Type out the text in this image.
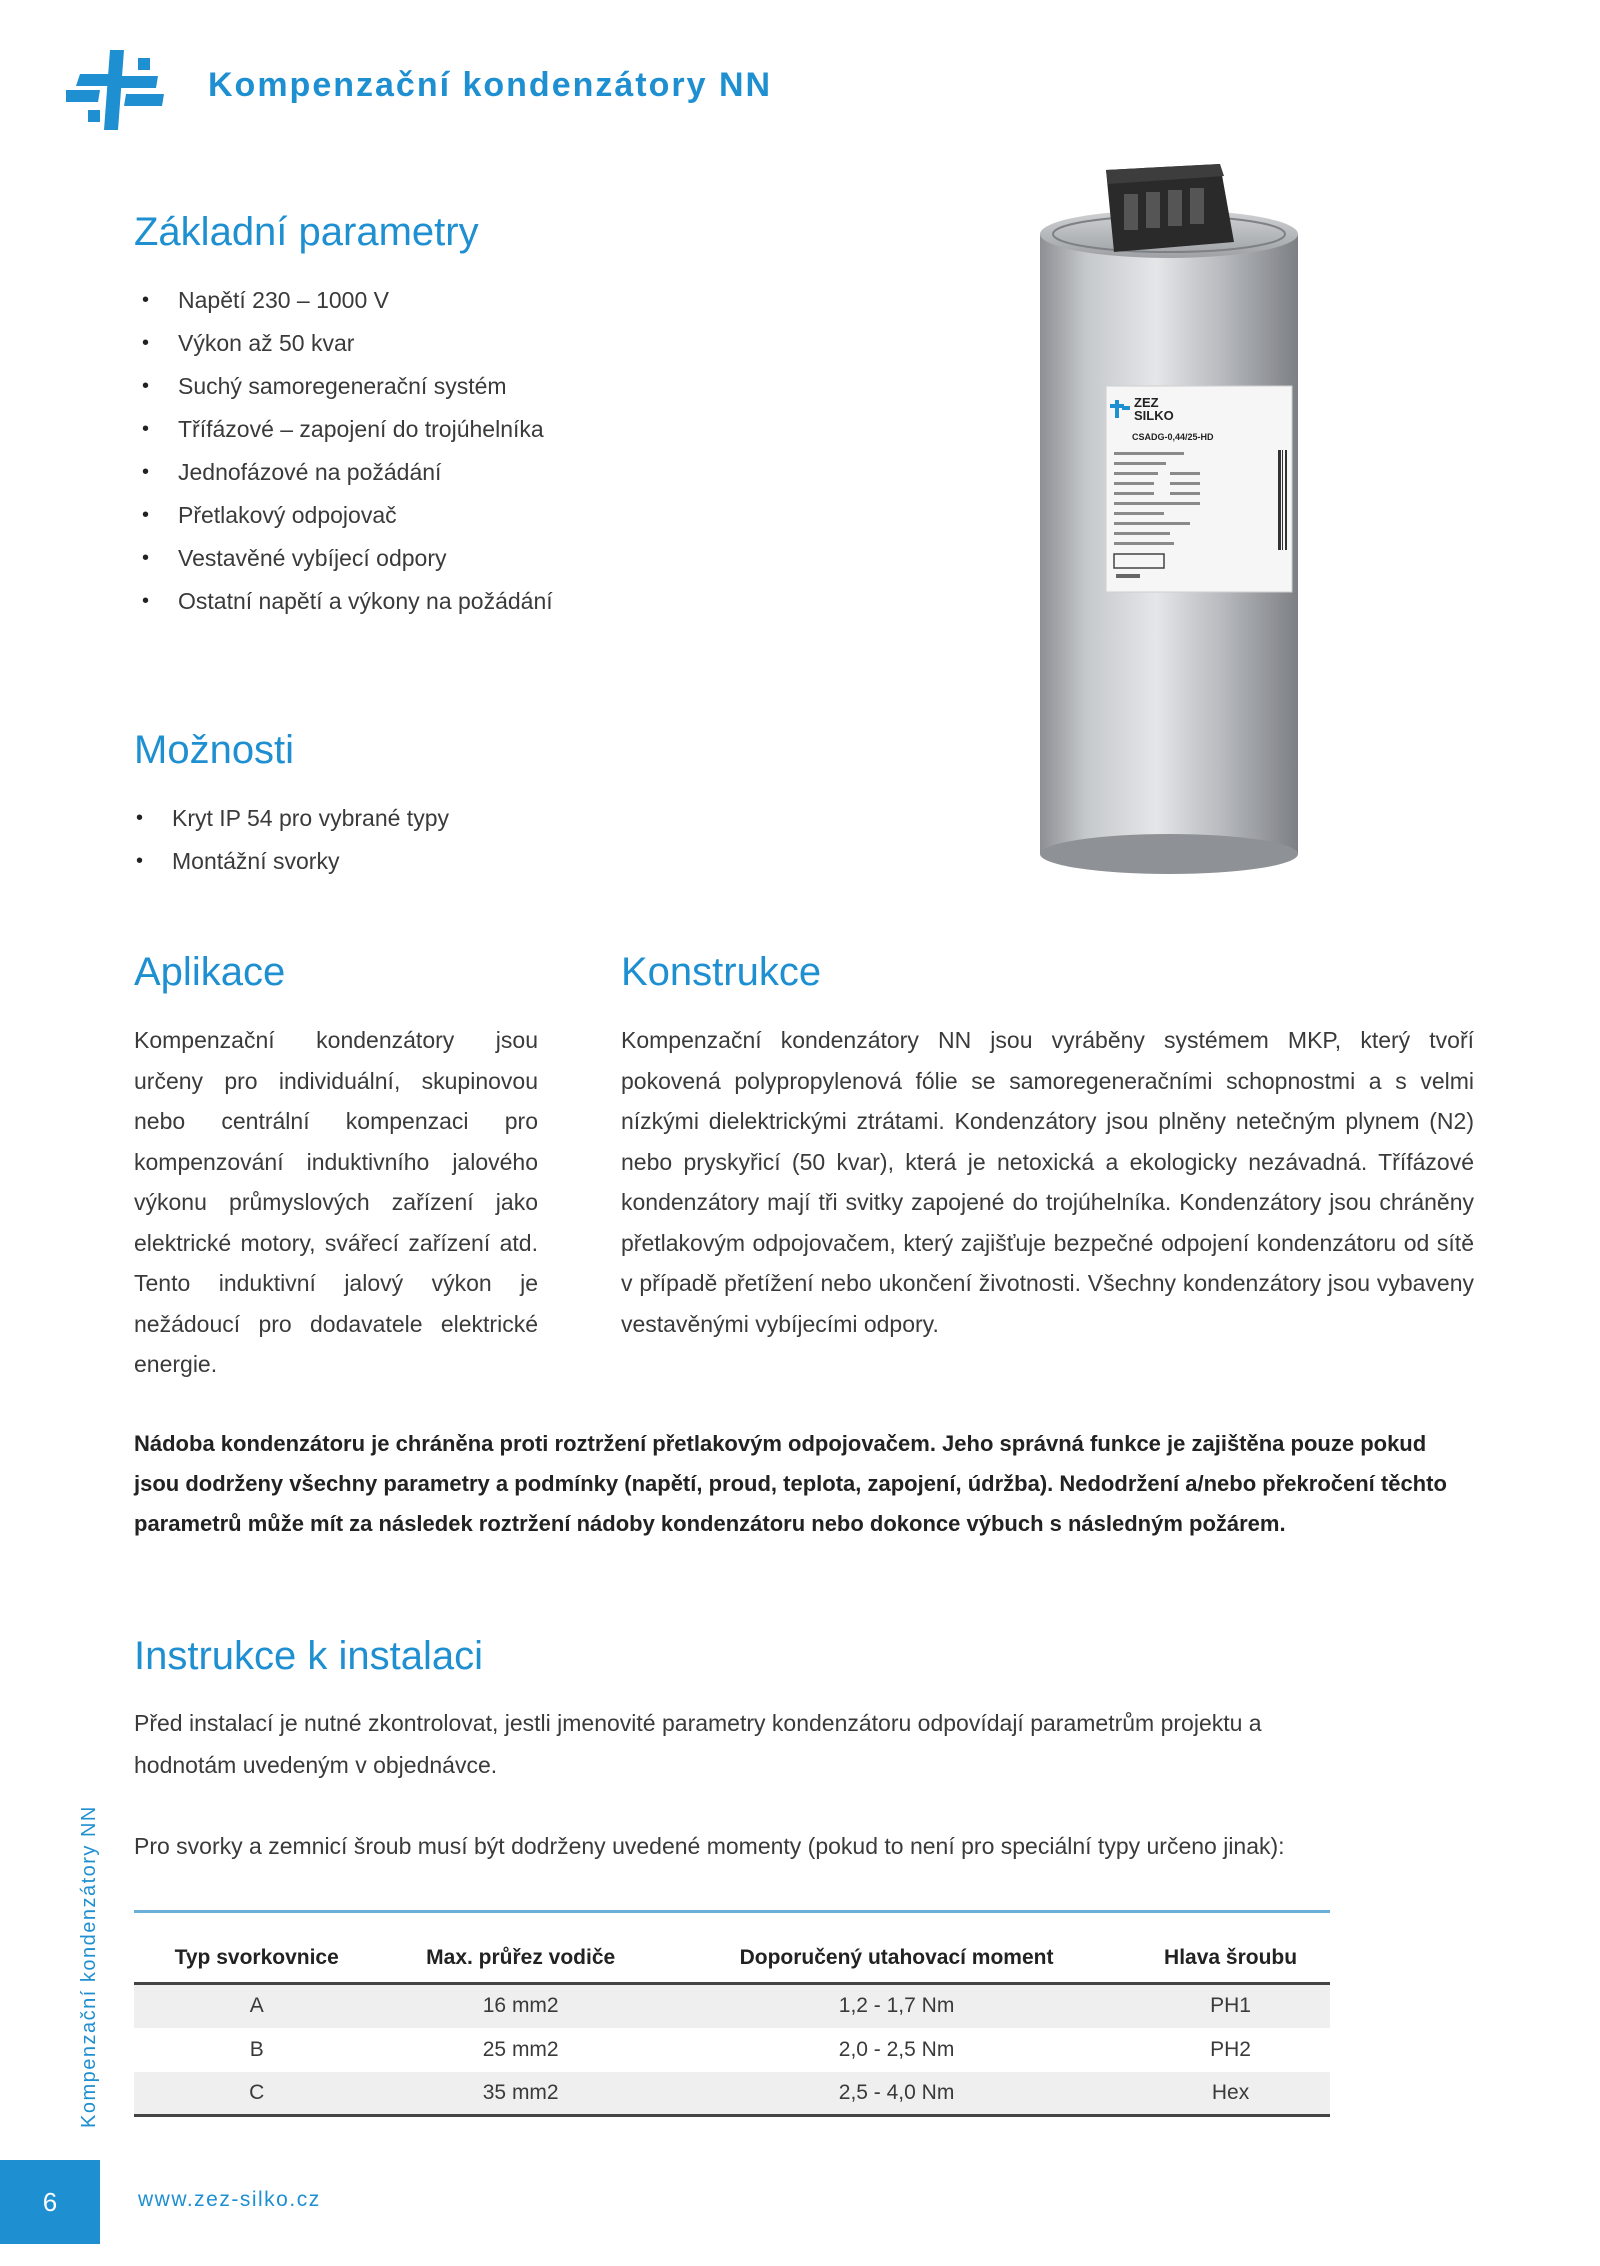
Kompenzační kondenzátory NN
Základní parametry
• Napětí 230 – 1000 V
• Výkon až 50 kvar
• Suchý samoregenerační systém
• Třífázové – zapojení do trojúhelníka
• Jednofázové na požádání
• Přetlakový odpojovač
• Vestavěné vybíjecí odpory
• Ostatní napětí a výkony na požádání
Možnosti
• Kryt IP 54 pro vybrané typy
• Montážní svorky
ZEZ
SILKO
CSADG-0,44/25-HD
Aplikace
Kompenzační kondenzátory jsou určeny pro individuální, skupinovou nebo centrální kompenzaci pro kompenzování induktivního jalového výkonu průmyslových zařízení jako elektrické motory, svářecí zařízení atd. Tento induktivní jalový výkon je nežádoucí pro dodavatele elektrické energie.
Konstrukce
Kompenzační kondenzátory NN jsou vyráběny systémem MKP, který tvoří pokovená polypropylenová fólie se samoregeneračními schopnostmi a s velmi nízkými dielektrickými ztrátami. Kondenzátory jsou plněny netečným plynem (N2) nebo pryskyřicí (50 kvar), která je netoxická a ekologicky nezávadná. Třífázové kondenzátory mají tři svitky zapojené do trojúhelníka. Kondenzátory jsou chráněny přetlakovým odpojovačem, který zajišťuje bezpečné odpojení kondenzátoru od sítě v případě přetížení nebo ukončení životnosti. Všechny kondenzátory jsou vybaveny vestavěnými vybíjecími odpory.
Nádoba kondenzátoru je chráněna proti roztržení přetlakovým odpojovačem. Jeho správná funkce je zajištěna pouze pokud jsou dodrženy všechny parametry a podmínky (napětí, proud, teplota, zapojení, údržba). Nedodržení a/nebo překročení těchto parametrů může mít za následek roztržení nádoby kondenzátoru nebo dokonce výbuch s následným požárem.
Instrukce k instalaci
Před instalací je nutné zkontrolovat, jestli jmenovité parametry kondenzátoru odpovídají parametrům projektu a hodnotám uvedeným v objednávce.
Pro svorky a zemnicí šroub musí být dodrženy uvedené momenty (pokud to není pro speciální typy určeno jinak):

Typ svorkovnice	Max. průřez vodiče	Doporučený utahovací moment	Hlava šroubu
A	16 mm2	1,2 - 1,7 Nm	PH1
B	25 mm2	2,0 - 2,5 Nm	PH2
C	35 mm2	2,5 - 4,0 Nm	Hex
Kompenzační kondenzátory NN
6	www.zez-silko.cz
